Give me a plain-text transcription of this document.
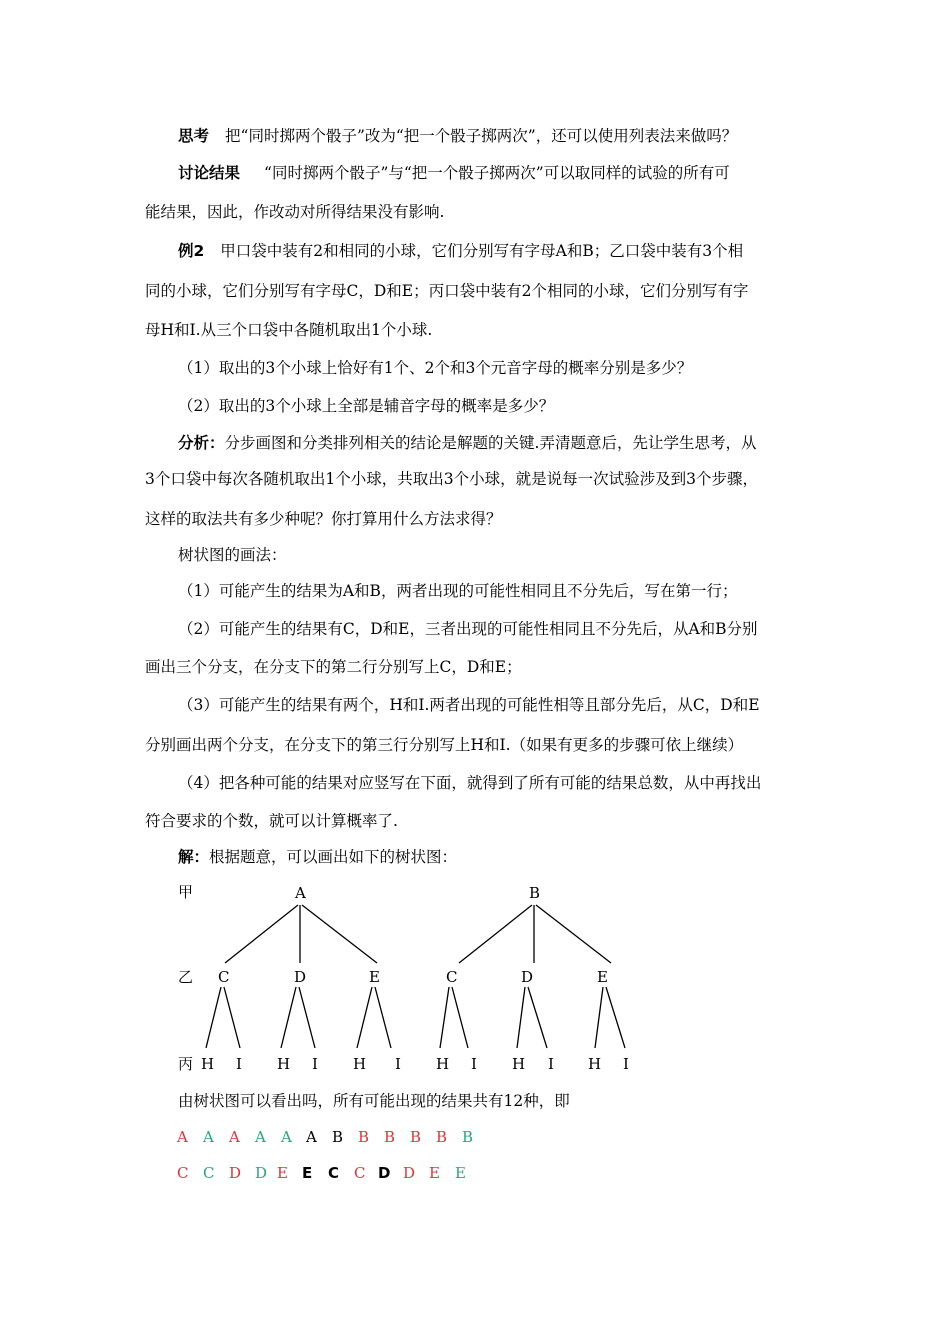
思考 把“同时掷两个骰子”改为“把一个骰子掷两次”，还可以使用列表法来做吗？
讨论结果 “同时掷两个骰子”与“把一个骰子掷两次”可以取同样的试验的所有可
能结果，因此，作改动对所得结果没有影响.
例2 甲口袋中装有2和相同的小球，它们分别写有字母A和B；乙口袋中装有3个相
同的小球，它们分别写有字母C，D和E；丙口袋中装有2个相同的小球，它们分别写有字
母H和I.从三个口袋中各随机取出1个小球.
（1）取出的3个小球上恰好有1个、2个和3个元音字母的概率分别是多少？
（2）取出的3个小球上全部是辅音字母的概率是多少？
分析：分步画图和分类排列相关的结论是解题的关键.弄清题意后，先让学生思考，从
3个口袋中每次各随机取出1个小球，共取出3个小球，就是说每一次试验涉及到3个步骤，
这样的取法共有多少种呢？你打算用什么方法求得？
树状图的画法：
（1）可能产生的结果为A和B，两者出现的可能性相同且不分先后，写在第一行；
（2）可能产生的结果有C，D和E，三者出现的可能性相同且不分先后，从A和B分别
画出三个分支，在分支下的第二行分别写上C，D和E；
（3）可能产生的结果有两个，H和I.两者出现的可能性相等且部分先后，从C，D和E
分别画出两个分支，在分支下的第三行分别写上H和I.（如果有更多的步骤可依上继续）
（4）把各种可能的结果对应竖写在下面，就得到了所有可能的结果总数，从中再找出
符合要求的个数，就可以计算概率了.
解：根据题意，可以画出如下的树状图：
甲
乙
丙
A	B
C	D	E	C	D	E
H I H I H I H I H I H I
由树状图可以看出吗，所有可能出现的结果共有12种，即
A A A A A A B B B B B B
C C D D E E C C D D E E
